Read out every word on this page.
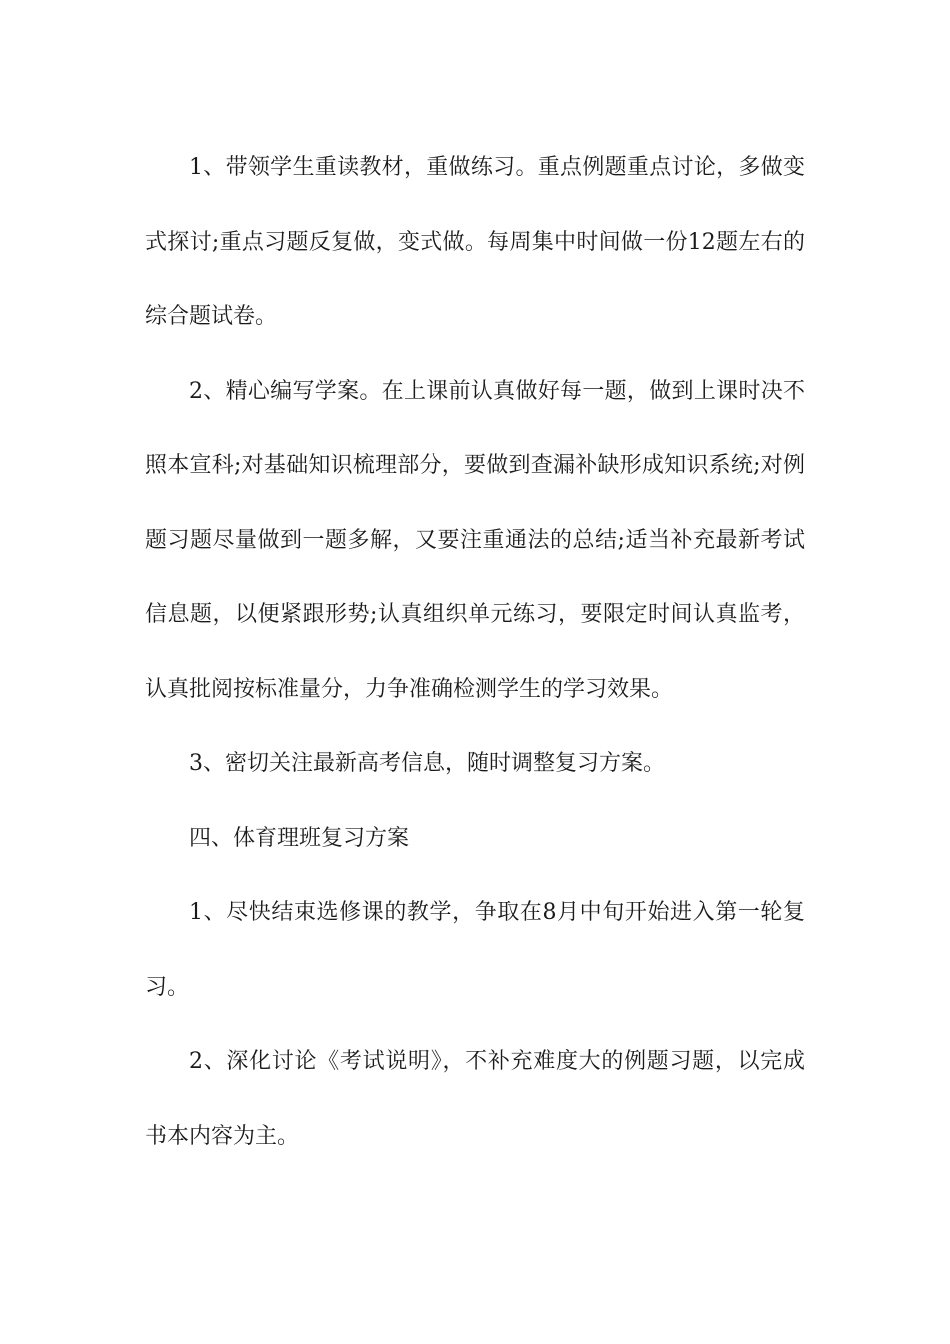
1、带领学生重读教材，重做练习。重点例题重点讨论，多做变式探讨;重点习题反复做，变式做。每周集中时间做一份12题左右的综合题试卷。

2、精心编写学案。在上课前认真做好每一题，做到上课时决不照本宣科;对基础知识梳理部分，要做到查漏补缺形成知识系统;对例题习题尽量做到一题多解，又要注重通法的总结;适当补充最新考试信息题，以便紧跟形势;认真组织单元练习，要限定时间认真监考，认真批阅按标准量分，力争准确检测学生的学习效果。

3、密切关注最新高考信息，随时调整复习方案。

四、体育理班复习方案

1、尽快结束选修课的教学，争取在8月中旬开始进入第一轮复习。

2、深化讨论《考试说明》，不补充难度大的例题习题，以完成书本内容为主。
